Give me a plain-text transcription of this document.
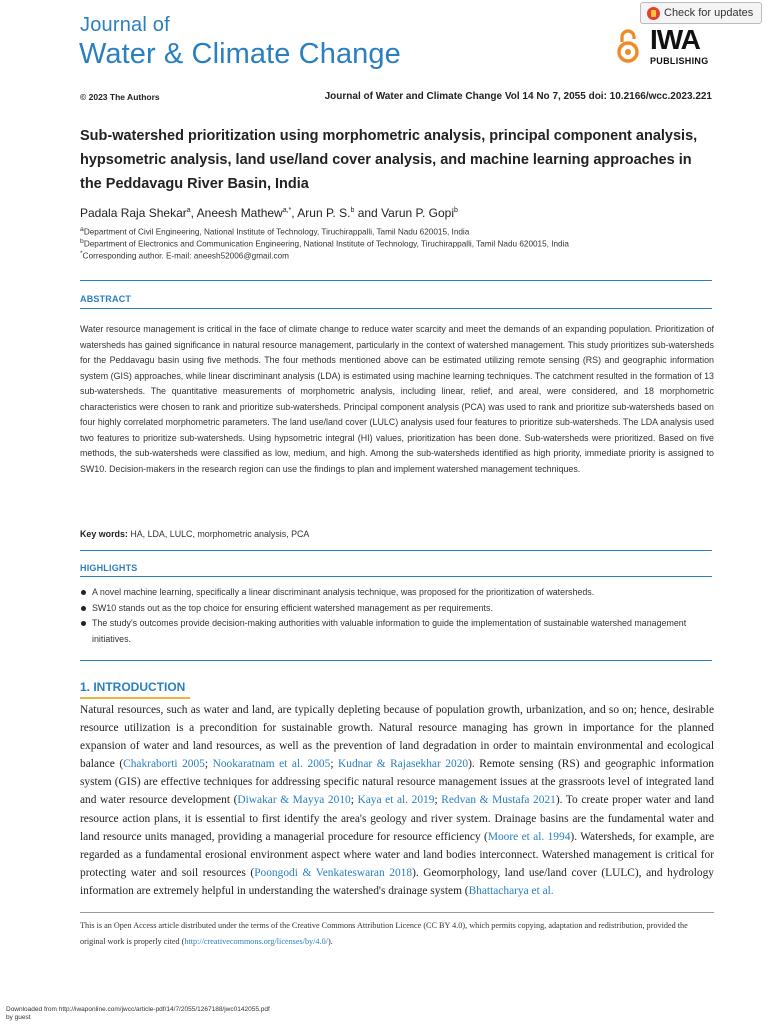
Journal of
Water & Climate Change
Check for updates
IWA
PUBLISHING
© 2023 The Authors	Journal of Water and Climate Change Vol 14 No 7, 2055 doi: 10.2166/wcc.2023.221
Sub-watershed prioritization using morphometric analysis, principal component analysis, hypsometric analysis, land use/land cover analysis, and machine learning approaches in the Peddavagu River Basin, India
Padala Raja Shekar$^a$, Aneesh Mathew$^{a,*}$, Arun P. S.$^b$ and Varun P. Gopi$^b$
$^a$Department of Civil Engineering, National Institute of Technology, Tiruchirappalli, Tamil Nadu 620015, India
$^b$Department of Electronics and Communication Engineering, National Institute of Technology, Tiruchirappalli, Tamil Nadu 620015, India
*Corresponding author. E-mail: aneesh52006@gmail.com
ABSTRACT
Water resource management is critical in the face of climate change to reduce water scarcity and meet the demands of an expanding population. Prioritization of watersheds has gained significance in natural resource management, particularly in the context of watershed management. This study prioritizes sub-watersheds for the Peddavagu basin using five methods. The four methods mentioned above can be estimated utilizing remote sensing (RS) and geographic information system (GIS) approaches, while linear discriminant analysis (LDA) is estimated using machine learning techniques. The catchment resulted in the formation of 13 sub-watersheds. The quantitative measurements of morphometric analysis, including linear, relief, and areal, were considered, and 18 morphometric characteristics were chosen to rank and prioritize sub-watersheds. Principal component analysis (PCA) was used to rank and prioritize sub-watersheds based on four highly correlated morphometric parameters. The land use/land cover (LULC) analysis used four features to prioritize sub-watersheds. The LDA analysis used two features to prioritize sub-watersheds. Using hypsometric integral (HI) values, prioritization has been done. Sub-watersheds were prioritized. Based on five methods, the sub-watersheds were classified as low, medium, and high. Among the sub-watersheds identified as high priority, immediate priority is assigned to SW10. Decision-makers in the research region can use the findings to plan and implement watershed management techniques.
Key words: HA, LDA, LULC, morphometric analysis, PCA
HIGHLIGHTS
A novel machine learning, specifically a linear discriminant analysis technique, was proposed for the prioritization of watersheds.
SW10 stands out as the top choice for ensuring efficient watershed management as per requirements.
The study's outcomes provide decision-making authorities with valuable information to guide the implementation of sustainable watershed management initiatives.
1. INTRODUCTION
Natural resources, such as water and land, are typically depleting because of population growth, urbanization, and so on; hence, desirable resource utilization is a precondition for sustainable growth. Natural resource managing has grown in importance for the planned expansion of water and land resources, as well as the prevention of land degradation in order to maintain environmental and ecological balance (Chakraborti 2005; Nookaratnam et al. 2005; Kudnar & Rajasekhar 2020). Remote sensing (RS) and geographic information system (GIS) are effective techniques for addressing specific natural resource management issues at the grassroots level of integrated land and water resource development (Diwakar & Mayya 2010; Kaya et al. 2019; Redvan & Mustafa 2021). To create proper water and land resource action plans, it is essential to first identify the area's geology and river system. Drainage basins are the fundamental water and land resource units managed, providing a managerial procedure for resource efficiency (Moore et al. 1994). Watersheds, for example, are regarded as a fundamental erosional environment aspect where water and land bodies interconnect. Watershed management is critical for protecting water and soil resources (Poongodi & Venkateswaran 2018). Geomorphology, land use/land cover (LULC), and hydrology information are extremely helpful in understanding the watershed's drainage system (Bhattacharya et al.
This is an Open Access article distributed under the terms of the Creative Commons Attribution Licence (CC BY 4.0), which permits copying, adaptation and redistribution, provided the original work is properly cited (http://creativecommons.org/licenses/by/4.0/).
Downloaded from http://iwaponline.com/jwcc/article-pdf/14/7/2055/1267188/jwc0142055.pdf
by guest
